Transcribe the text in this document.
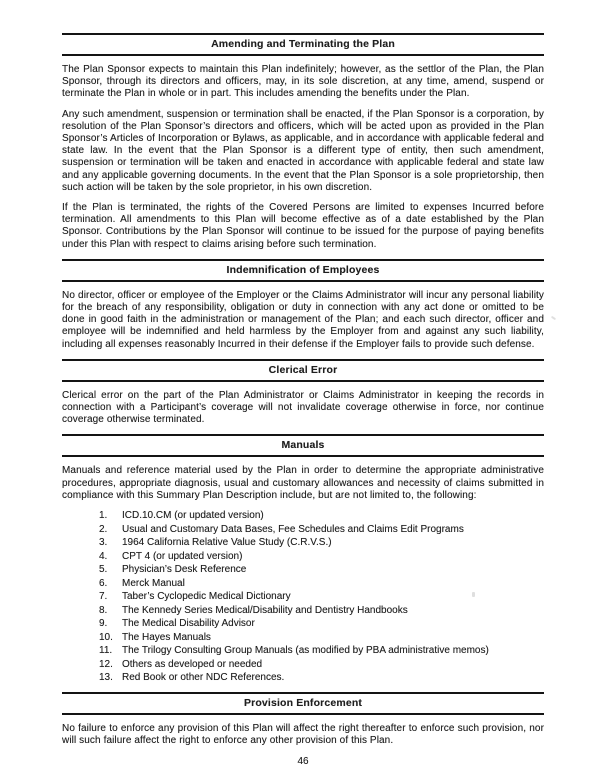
Amending and Terminating the Plan

The Plan Sponsor expects to maintain this Plan indefinitely; however, as the settlor of the Plan, the Plan Sponsor, through its directors and officers, may, in its sole discretion, at any time, amend, suspend or terminate the Plan in whole or in part. This includes amending the benefits under the Plan.

Any such amendment, suspension or termination shall be enacted, if the Plan Sponsor is a corporation, by resolution of the Plan Sponsor’s directors and officers, which will be acted upon as provided in the Plan Sponsor’s Articles of Incorporation or Bylaws, as applicable, and in accordance with applicable federal and state law. In the event that the Plan Sponsor is a different type of entity, then such amendment, suspension or termination will be taken and enacted in accordance with applicable federal and state law and any applicable governing documents. In the event that the Plan Sponsor is a sole proprietorship, then such action will be taken by the sole proprietor, in his own discretion.

If the Plan is terminated, the rights of the Covered Persons are limited to expenses Incurred before termination. All amendments to this Plan will become effective as of a date established by the Plan Sponsor. Contributions by the Plan Sponsor will continue to be issued for the purpose of paying benefits under this Plan with respect to claims arising before such termination.

Indemnification of Employees

No director, officer or employee of the Employer or the Claims Administrator will incur any personal liability for the breach of any responsibility, obligation or duty in connection with any act done or omitted to be done in good faith in the administration or management of the Plan; and each such director, officer and employee will be indemnified and held harmless by the Employer from and against any such liability, including all expenses reasonably Incurred in their defense if the Employer fails to provide such defense.

Clerical Error

Clerical error on the part of the Plan Administrator or Claims Administrator in keeping the records in connection with a Participant’s coverage will not invalidate coverage otherwise in force, nor continue coverage otherwise terminated.

Manuals

Manuals and reference material used by the Plan in order to determine the appropriate administrative procedures, appropriate diagnosis, usual and customary allowances and necessity of claims submitted in compliance with this Summary Plan Description include, but are not limited to, the following:

1.	ICD.10.CM (or updated version)
2.	Usual and Customary Data Bases, Fee Schedules and Claims Edit Programs
3.	1964 California Relative Value Study (C.R.V.S.)
4.	CPT 4 (or updated version)
5.	Physician’s Desk Reference
6.	Merck Manual
7.	Taber’s Cyclopedic Medical Dictionary
8.	The Kennedy Series Medical/Disability and Dentistry Handbooks
9.	The Medical Disability Advisor
10. The Hayes Manuals
11. The Trilogy Consulting Group Manuals (as modified by PBA administrative memos)
12. Others as developed or needed
13. Red Book or other NDC References.
Provision Enforcement

No failure to enforce any provision of this Plan will affect the right thereafter to enforce such provision, nor will such failure affect the right to enforce any other provision of this Plan.

46
